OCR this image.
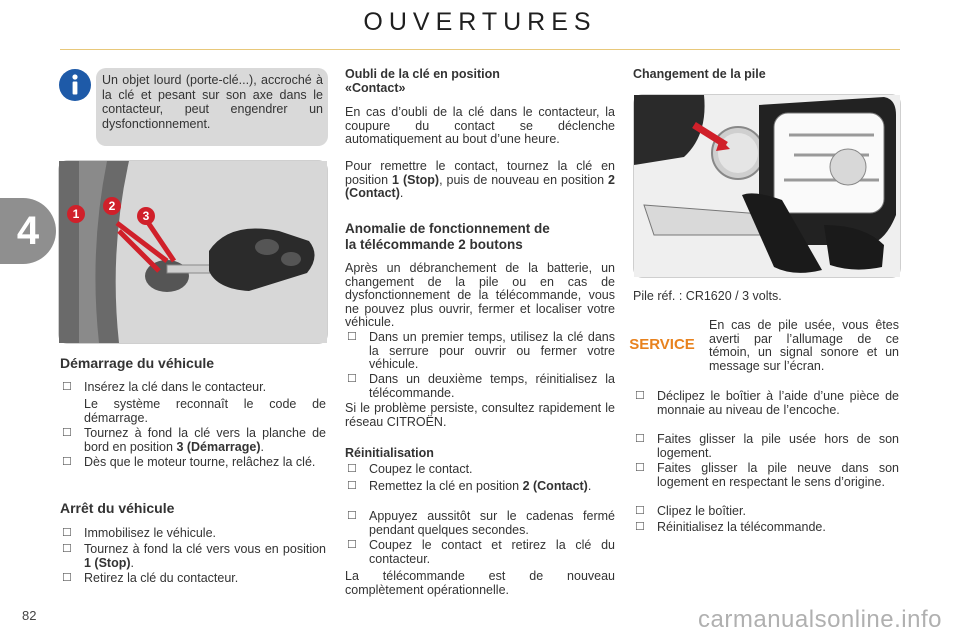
OUVERTURES
4
Un objet lourd (porte-clé...), accroché à la clé et pesant sur son axe dans le contacteur, peut engendrer un dysfonctionnement.
1
2
3
Démarrage du véhicule
☐ Insérez la clé dans le contacteur.
Le système reconnaît le code de démarrage.
☐ Tournez à fond la clé vers la planche de bord en position 3 (Démarrage).
☐ Dès que le moteur tourne, relâchez la clé.
Arrêt du véhicule
☐ Immobilisez le véhicule.
☐ Tournez à fond la clé vers vous en position 1 (Stop).
☐ Retirez la clé du contacteur.
Oubli de la clé en position
«Contact»
En cas d’oubli de la clé dans le contacteur, la coupure du contact se déclenche automatiquement au bout d’une heure.
Pour remettre le contact, tournez la clé en position 1 (Stop), puis de nouveau en position 2 (Contact).
Anomalie de fonctionnement de
la télécommande 2 boutons
Après un débranchement de la batterie, un changement de la pile ou en cas de dysfonctionnement de la télécommande, vous ne pouvez plus ouvrir, fermer et localiser votre véhicule.
☐ Dans un premier temps, utilisez la clé dans la serrure pour ouvrir ou fermer votre véhicule.
☐ Dans un deuxième temps, réinitialisez la télécommande.
Si le problème persiste, consultez rapidement le réseau CITROËN.
Réinitialisation
☐ Coupez le contact.
☐ Remettez la clé en position 2 (Contact).
☐ Appuyez aussitôt sur le cadenas fermé pendant quelques secondes.
☐ Coupez le contact et retirez la clé du contacteur.
La télécommande est de nouveau complètement opérationnelle.
Changement de la pile
Pile réf. : CR1620 / 3 volts.
SERVICE
En cas de pile usée, vous êtes averti par l’allumage de ce témoin, un signal sonore et un message sur l’écran.
☐ Déclipez le boîtier à l’aide d’une pièce de monnaie au niveau de l’encoche.
☐ Faites glisser la pile usée hors de son logement.
☐ Faites glisser la pile neuve dans son logement en respectant le sens d’origine.
☐ Clipez le boîtier.
☐ Réinitialisez la télécommande.
82	carmanualsonline.info
